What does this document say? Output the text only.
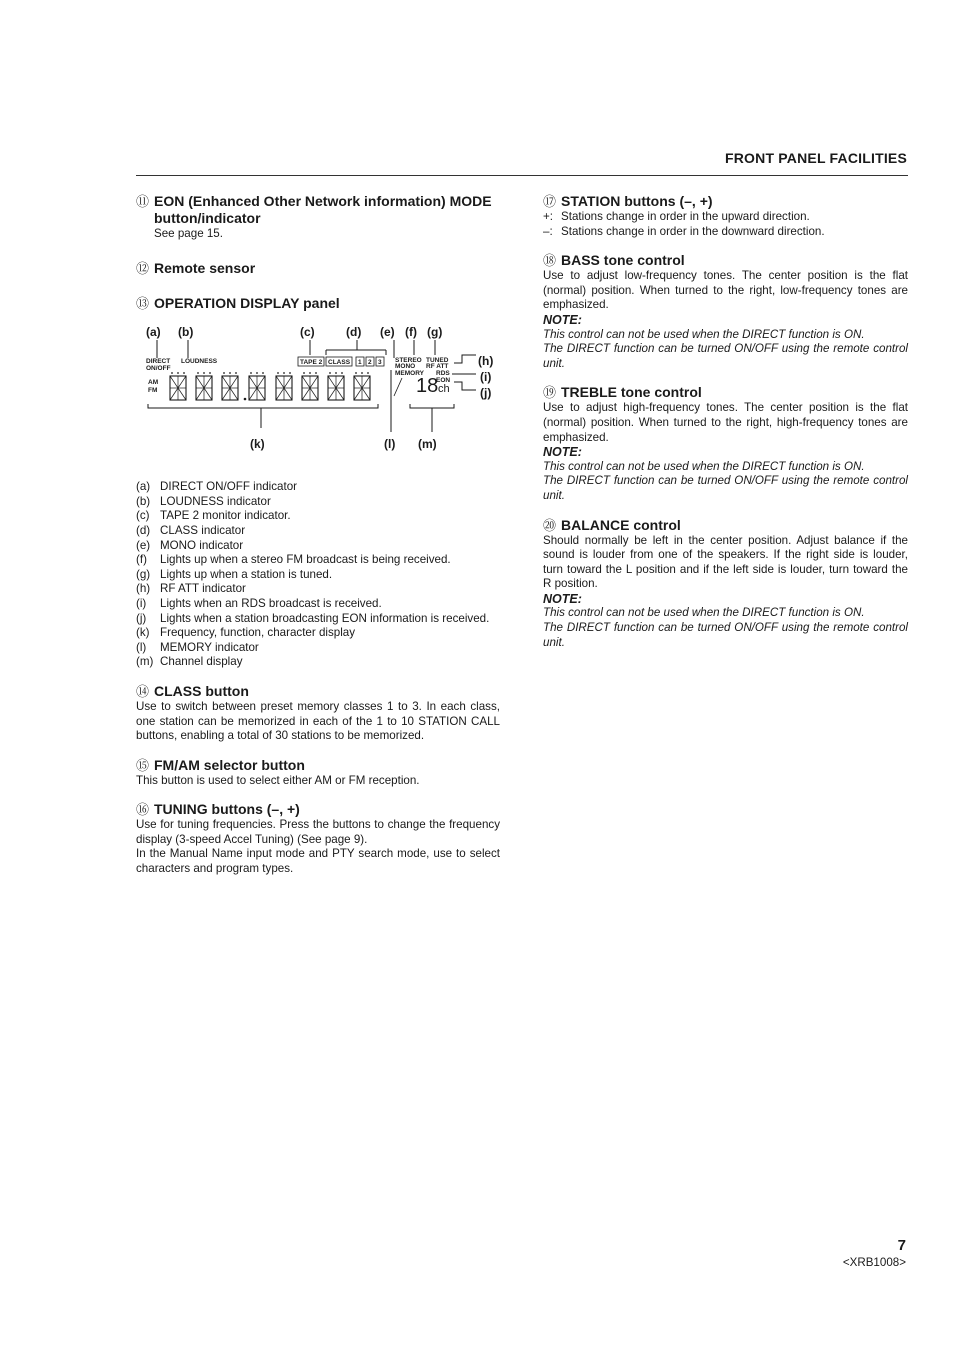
FRONT PANEL FACILITIES
⑪ EON (Enhanced Other Network information) MODE button/indicator

See page 15.

⑫ Remote sensor
⑬ OPERATION DISPLAY panel
(a) (b)	(c)	(d) (e) (f) (g)
(h)
(i)
(j)
(k)	(l) (m)
DIRECT
ON/OFF
LOUDNESS
AM
FM
STEREO TUNED
MONO RF ATT
MEMORY RDS
EON
TAPE 2 CLASS 1 2 3
18 ch
(a) DIRECT ON/OFF indicator
(b) LOUDNESS indicator
(c) TAPE 2 monitor indicator.
(d) CLASS indicator
(e) MONO indicator
(f)	Lights up when a stereo FM broadcast is being received.
(g) Lights up when a station is tuned.
(h) RF ATT indicator
(i)	Lights when an RDS broadcast is received.
(j)	Lights when a station broadcasting EON information is received.
(k) Frequency, function, character display
(l)	MEMORY indicator
(m) Channel display
⑭ CLASS button

Use to switch between preset memory classes 1 to 3. In each class, one station can be memorized in each of the 1 to 10 STATION CALL buttons, enabling a total of 30 stations to be memorized.

⑮ FM/AM selector button

This button is used to select either AM or FM reception.

⑯ TUNING buttons (–, +)

Use for tuning frequencies. Press the buttons to change the frequency display (3-speed Accel Tuning) (See page 9).

In the Manual Name input mode and PTY search mode, use to select characters and program types.

⑰ STATION buttons (–, +)
+: Stations change in order in the upward direction.
–: Stations change in order in the downward direction.
⑱ BASS tone control

Use to adjust low-frequency tones. The center position is the flat (normal) position. When turned to the right, low-frequency tones are emphasized.

NOTE:

This control can not be used when the DIRECT function is ON.

The DIRECT function can be turned ON/OFF using the remote control unit.

⑲ TREBLE tone control

Use to adjust high-frequency tones. The center position is the flat (normal) position. When turned to the right, high-frequency tones are emphasized.

NOTE:

This control can not be used when the DIRECT function is ON.

The DIRECT function can be turned ON/OFF using the remote control unit.

⑳ BALANCE control

Should normally be left in the center position. Adjust balance if the sound is louder from one of the speakers. If the right side is louder, turn toward the L position and if the left side is louder, turn toward the R position.

NOTE:

This control can not be used when the DIRECT function is ON.

The DIRECT function can be turned ON/OFF using the remote control unit.

7
<XRB1008>
